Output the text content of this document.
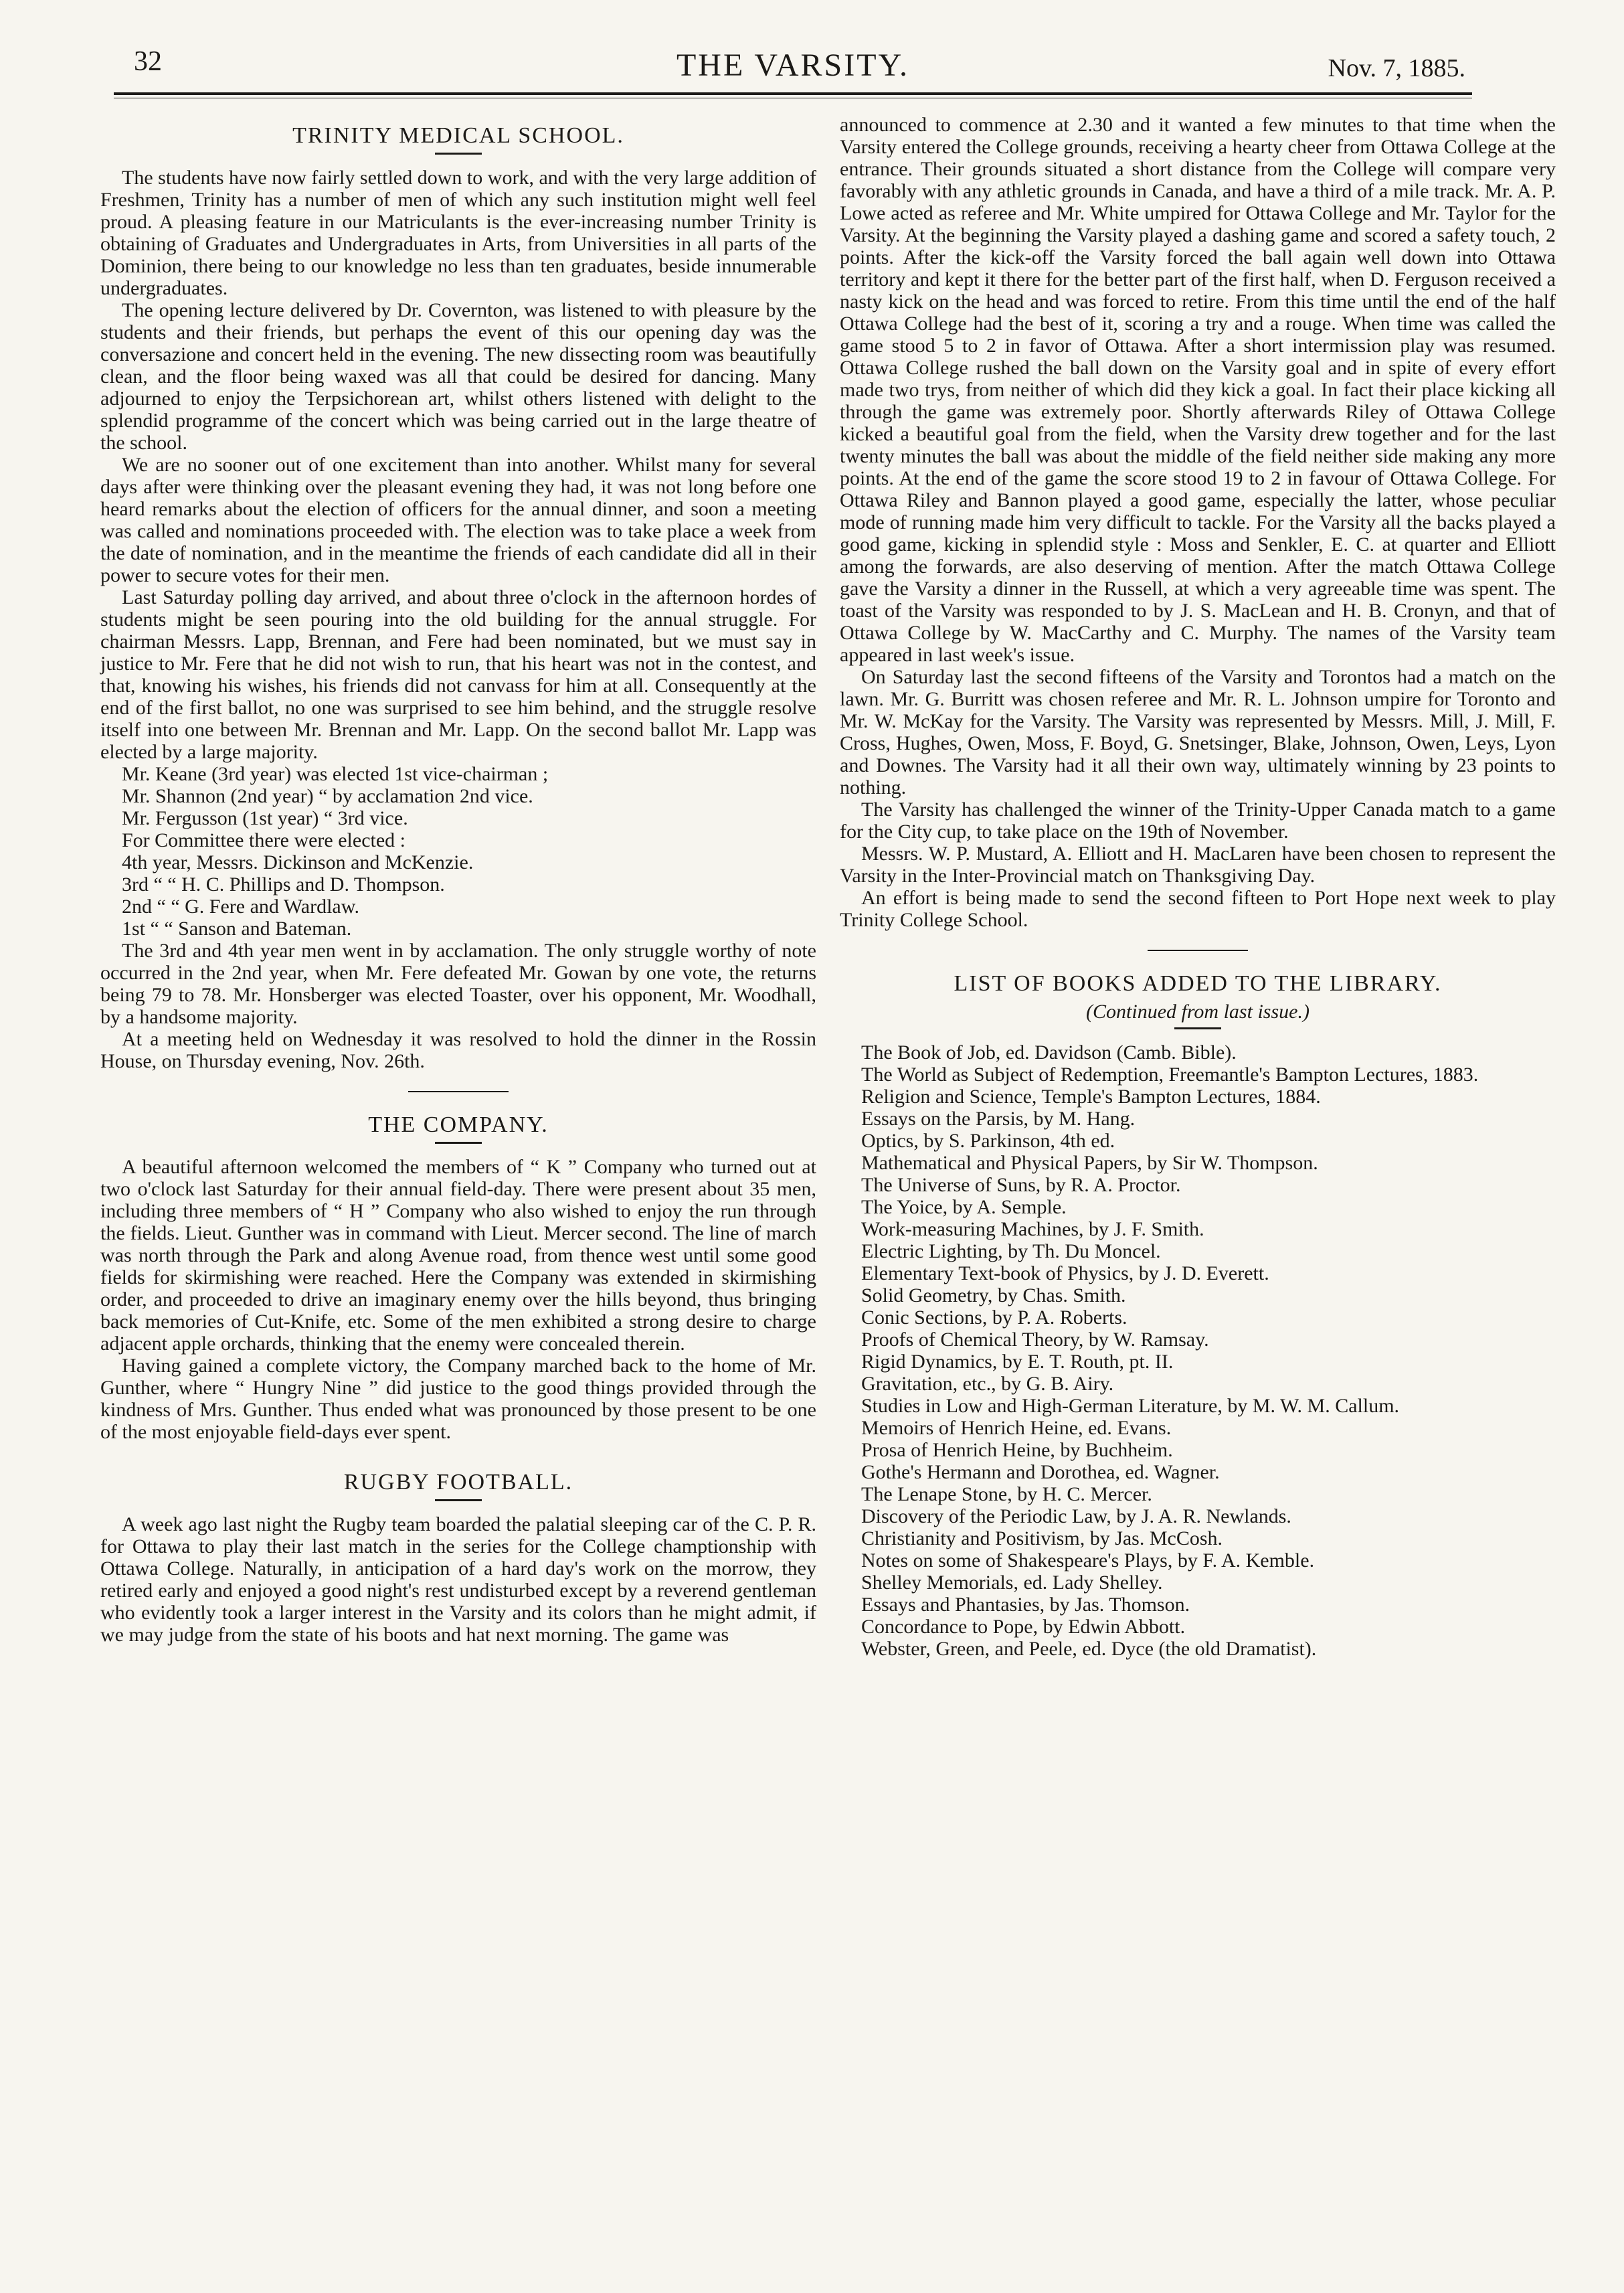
32	THE VARSITY.	Nov. 7, 1885.
TRINITY MEDICAL SCHOOL.

The students have now fairly settled down to work, and with the very large addition of Freshmen, Trinity has a number of men of which any such institution might well feel proud. A pleasing feature in our Matriculants is the ever-increasing number Trinity is obtaining of Graduates and Undergraduates in Arts, from Universities in all parts of the Dominion, there being to our knowledge no less than ten graduates, beside innumerable undergraduates.

The opening lecture delivered by Dr. Covernton, was listened to with pleasure by the students and their friends, but perhaps the event of this our opening day was the conversazione and concert held in the evening. The new dissecting room was beautifully clean, and the floor being waxed was all that could be desired for dancing. Many adjourned to enjoy the Terpsichorean art, whilst others listened with delight to the splendid programme of the concert which was being carried out in the large theatre of the school.

We are no sooner out of one excitement than into another. Whilst many for several days after were thinking over the pleasant evening they had, it was not long before one heard remarks about the election of officers for the annual dinner, and soon a meeting was called and nominations proceeded with. The election was to take place a week from the date of nomination, and in the meantime the friends of each candidate did all in their power to secure votes for their men.

Last Saturday polling day arrived, and about three o'clock in the afternoon hordes of students might be seen pouring into the old building for the annual struggle. For chairman Messrs. Lapp, Brennan, and Fere had been nominated, but we must say in justice to Mr. Fere that he did not wish to run, that his heart was not in the contest, and that, knowing his wishes, his friends did not canvass for him at all. Consequently at the end of the first ballot, no one was surprised to see him behind, and the struggle resolve itself into one between Mr. Brennan and Mr. Lapp. On the second ballot Mr. Lapp was elected by a large majority.

Mr. Keane (3rd year) was elected 1st vice-chairman ;

Mr. Shannon (2nd year) “ by acclamation 2nd vice.

Mr. Fergusson (1st year) “ 3rd vice.

For Committee there were elected :

4th year, Messrs. Dickinson and McKenzie.

3rd “ “ H. C. Phillips and D. Thompson.

2nd “ “ G. Fere and Wardlaw.

1st “ “ Sanson and Bateman.

The 3rd and 4th year men went in by acclamation. The only struggle worthy of note occurred in the 2nd year, when Mr. Fere defeated Mr. Gowan by one vote, the returns being 79 to 78. Mr. Honsberger was elected Toaster, over his opponent, Mr. Woodhall, by a handsome majority.

At a meeting held on Wednesday it was resolved to hold the dinner in the Rossin House, on Thursday evening, Nov. 26th.

THE COMPANY.

A beautiful afternoon welcomed the members of “ K ” Company who turned out at two o'clock last Saturday for their annual field-day. There were present about 35 men, including three members of “ H ” Company who also wished to enjoy the run through the fields. Lieut. Gunther was in command with Lieut. Mercer second. The line of march was north through the Park and along Avenue road, from thence west until some good fields for skirmishing were reached. Here the Company was extended in skirmishing order, and proceeded to drive an imaginary enemy over the hills beyond, thus bringing back memories of Cut-Knife, etc. Some of the men exhibited a strong desire to charge adjacent apple orchards, thinking that the enemy were concealed therein.

Having gained a complete victory, the Company marched back to the home of Mr. Gunther, where “ Hungry Nine ” did justice to the good things provided through the kindness of Mrs. Gunther. Thus ended what was pronounced by those present to be one of the most enjoyable field-days ever spent.

RUGBY FOOTBALL.

A week ago last night the Rugby team boarded the palatial sleeping car of the C. P. R. for Ottawa to play their last match in the series for the College champtionship with Ottawa College. Naturally, in anticipation of a hard day's work on the morrow, they retired early and enjoyed a good night's rest undisturbed except by a reverend gentleman who evidently took a larger interest in the Varsity and its colors than he might admit, if we may judge from the state of his boots and hat next morning. The game was

announced to commence at 2.30 and it wanted a few minutes to that time when the Varsity entered the College grounds, receiving a hearty cheer from Ottawa College at the entrance. Their grounds situated a short distance from the College will compare very favorably with any athletic grounds in Canada, and have a third of a mile track. Mr. A. P. Lowe acted as referee and Mr. White umpired for Ottawa College and Mr. Taylor for the Varsity. At the beginning the Varsity played a dashing game and scored a safety touch, 2 points. After the kick-off the Varsity forced the ball again well down into Ottawa territory and kept it there for the better part of the first half, when D. Ferguson received a nasty kick on the head and was forced to retire. From this time until the end of the half Ottawa College had the best of it, scoring a try and a rouge. When time was called the game stood 5 to 2 in favor of Ottawa. After a short intermission play was resumed. Ottawa College rushed the ball down on the Varsity goal and in spite of every effort made two trys, from neither of which did they kick a goal. In fact their place kicking all through the game was extremely poor. Shortly afterwards Riley of Ottawa College kicked a beautiful goal from the field, when the Varsity drew together and for the last twenty minutes the ball was about the middle of the field neither side making any more points. At the end of the game the score stood 19 to 2 in favour of Ottawa College. For Ottawa Riley and Bannon played a good game, especially the latter, whose peculiar mode of running made him very difficult to tackle. For the Varsity all the backs played a good game, kicking in splendid style : Moss and Senkler, E. C. at quarter and Elliott among the forwards, are also deserving of mention. After the match Ottawa College gave the Varsity a dinner in the Russell, at which a very agreeable time was spent. The toast of the Varsity was responded to by J. S. MacLean and H. B. Cronyn, and that of Ottawa College by W. MacCarthy and C. Murphy. The names of the Varsity team appeared in last week's issue.

On Saturday last the second fifteens of the Varsity and Torontos had a match on the lawn. Mr. G. Burritt was chosen referee and Mr. R. L. Johnson umpire for Toronto and Mr. W. McKay for the Varsity. The Varsity was represented by Messrs. Mill, J. Mill, F. Cross, Hughes, Owen, Moss, F. Boyd, G. Snetsinger, Blake, Johnson, Owen, Leys, Lyon and Downes. The Varsity had it all their own way, ultimately winning by 23 points to nothing.

The Varsity has challenged the winner of the Trinity-Upper Canada match to a game for the City cup, to take place on the 19th of November.

Messrs. W. P. Mustard, A. Elliott and H. MacLaren have been chosen to represent the Varsity in the Inter-Provincial match on Thanksgiving Day.

An effort is being made to send the second fifteen to Port Hope next week to play Trinity College School.

LIST OF BOOKS ADDED TO THE LIBRARY.
(Continued from last issue.)

The Book of Job, ed. Davidson (Camb. Bible).

The World as Subject of Redemption, Freemantle's Bampton Lectures, 1883.

Religion and Science, Temple's Bampton Lectures, 1884.

Essays on the Parsis, by M. Hang.

Optics, by S. Parkinson, 4th ed.

Mathematical and Physical Papers, by Sir W. Thompson.

The Universe of Suns, by R. A. Proctor.

The Yoice, by A. Semple.

Work-measuring Machines, by J. F. Smith.

Electric Lighting, by Th. Du Moncel.

Elementary Text-book of Physics, by J. D. Everett.

Solid Geometry, by Chas. Smith.

Conic Sections, by P. A. Roberts.

Proofs of Chemical Theory, by W. Ramsay.

Rigid Dynamics, by E. T. Routh, pt. II.

Gravitation, etc., by G. B. Airy.

Studies in Low and High-German Literature, by M. W. M. Callum.

Memoirs of Henrich Heine, ed. Evans.

Prosa of Henrich Heine, by Buchheim.

Gothe's Hermann and Dorothea, ed. Wagner.

The Lenape Stone, by H. C. Mercer.

Discovery of the Periodic Law, by J. A. R. Newlands.

Christianity and Positivism, by Jas. McCosh.

Notes on some of Shakespeare's Plays, by F. A. Kemble.

Shelley Memorials, ed. Lady Shelley.

Essays and Phantasies, by Jas. Thomson.

Concordance to Pope, by Edwin Abbott.

Webster, Green, and Peele, ed. Dyce (the old Dramatist).
